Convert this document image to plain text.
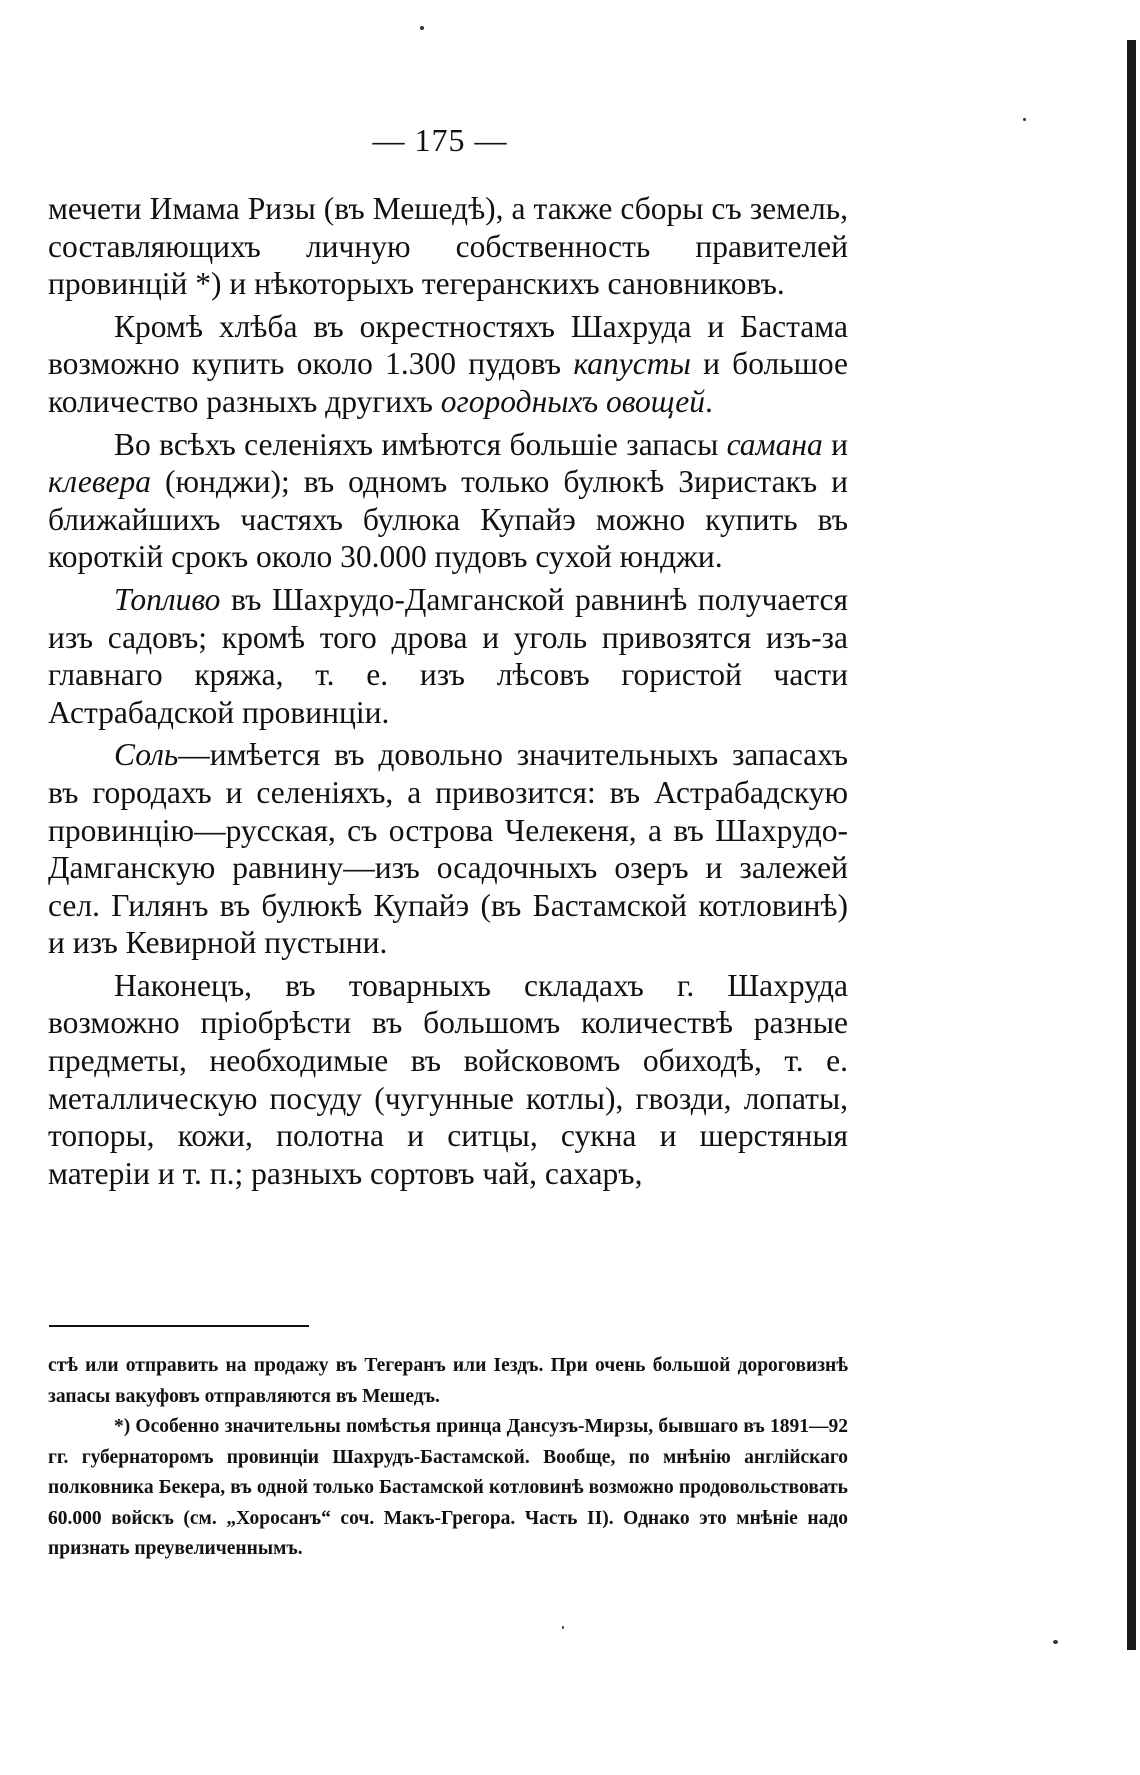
— 175 —

мечети Имама Ризы (въ Мешедѣ), а также сборы съ земель, составляющихъ личную собственность правителей провинцій *) и нѣкоторыхъ тегеранскихъ сановниковъ.

Кромѣ хлѣба въ окрестностяхъ Шахруда и Бастама возможно купить около 1.300 пудовъ капусты и большое количество разныхъ другихъ огородныхъ овощей.

Во всѣхъ селеніяхъ имѣются большіе запасы самана и клевера (юнджи); въ одномъ только булюкѣ Зиристакъ и ближайшихъ частяхъ булюка Купайэ можно купить въ короткій срокъ около 30.000 пудовъ сухой юнджи.

Топливо въ Шахрудо-Дамганской равнинѣ получается изъ садовъ; кромѣ того дрова и уголь привозятся изъ-за главнаго кряжа, т. е. изъ лѣсовъ гористой части Астрабадской провинціи.

Соль—имѣется въ довольно значительныхъ запасахъ въ городахъ и селеніяхъ, а привозится: въ Астрабадскую провинцію—русская, съ острова Челекеня, а въ Шахрудо-Дамганскую равнину—изъ осадочныхъ озеръ и залежей сел. Гилянъ въ булюкѣ Купайэ (въ Бастамской котловинѣ) и изъ Кевирной пустыни.

Наконецъ, въ товарныхъ складахъ г. Шахруда возможно пріобрѣсти въ большомъ количествѣ разные предметы, необходимые въ войсковомъ обиходѣ, т. е. металлическую посуду (чугунные котлы), гвозди, лопаты, топоры, кожи, полотна и ситцы, сукна и шерстяныя матеріи и т. п.; разныхъ сортовъ чай, сахаръ,

стѣ или отправить на продажу въ Тегеранъ или Іездъ. При очень большой дороговизнѣ запасы вакуфовъ отправляются въ Мешедъ.

*) Особенно значительны помѣстья принца Дансузъ-Мирзы, бывшаго въ 1891—92 гг. губернаторомъ провинціи Шахрудъ-Бастамской. Вообще, по мнѣнію англійскаго полковника Бекера, въ одной только Бастамской котловинѣ возможно продовольствовать 60.000 войскъ (см. „Хоросанъ“ соч. Макъ-Грегора. Часть II). Однако это мнѣніе надо признать преувеличеннымъ.
